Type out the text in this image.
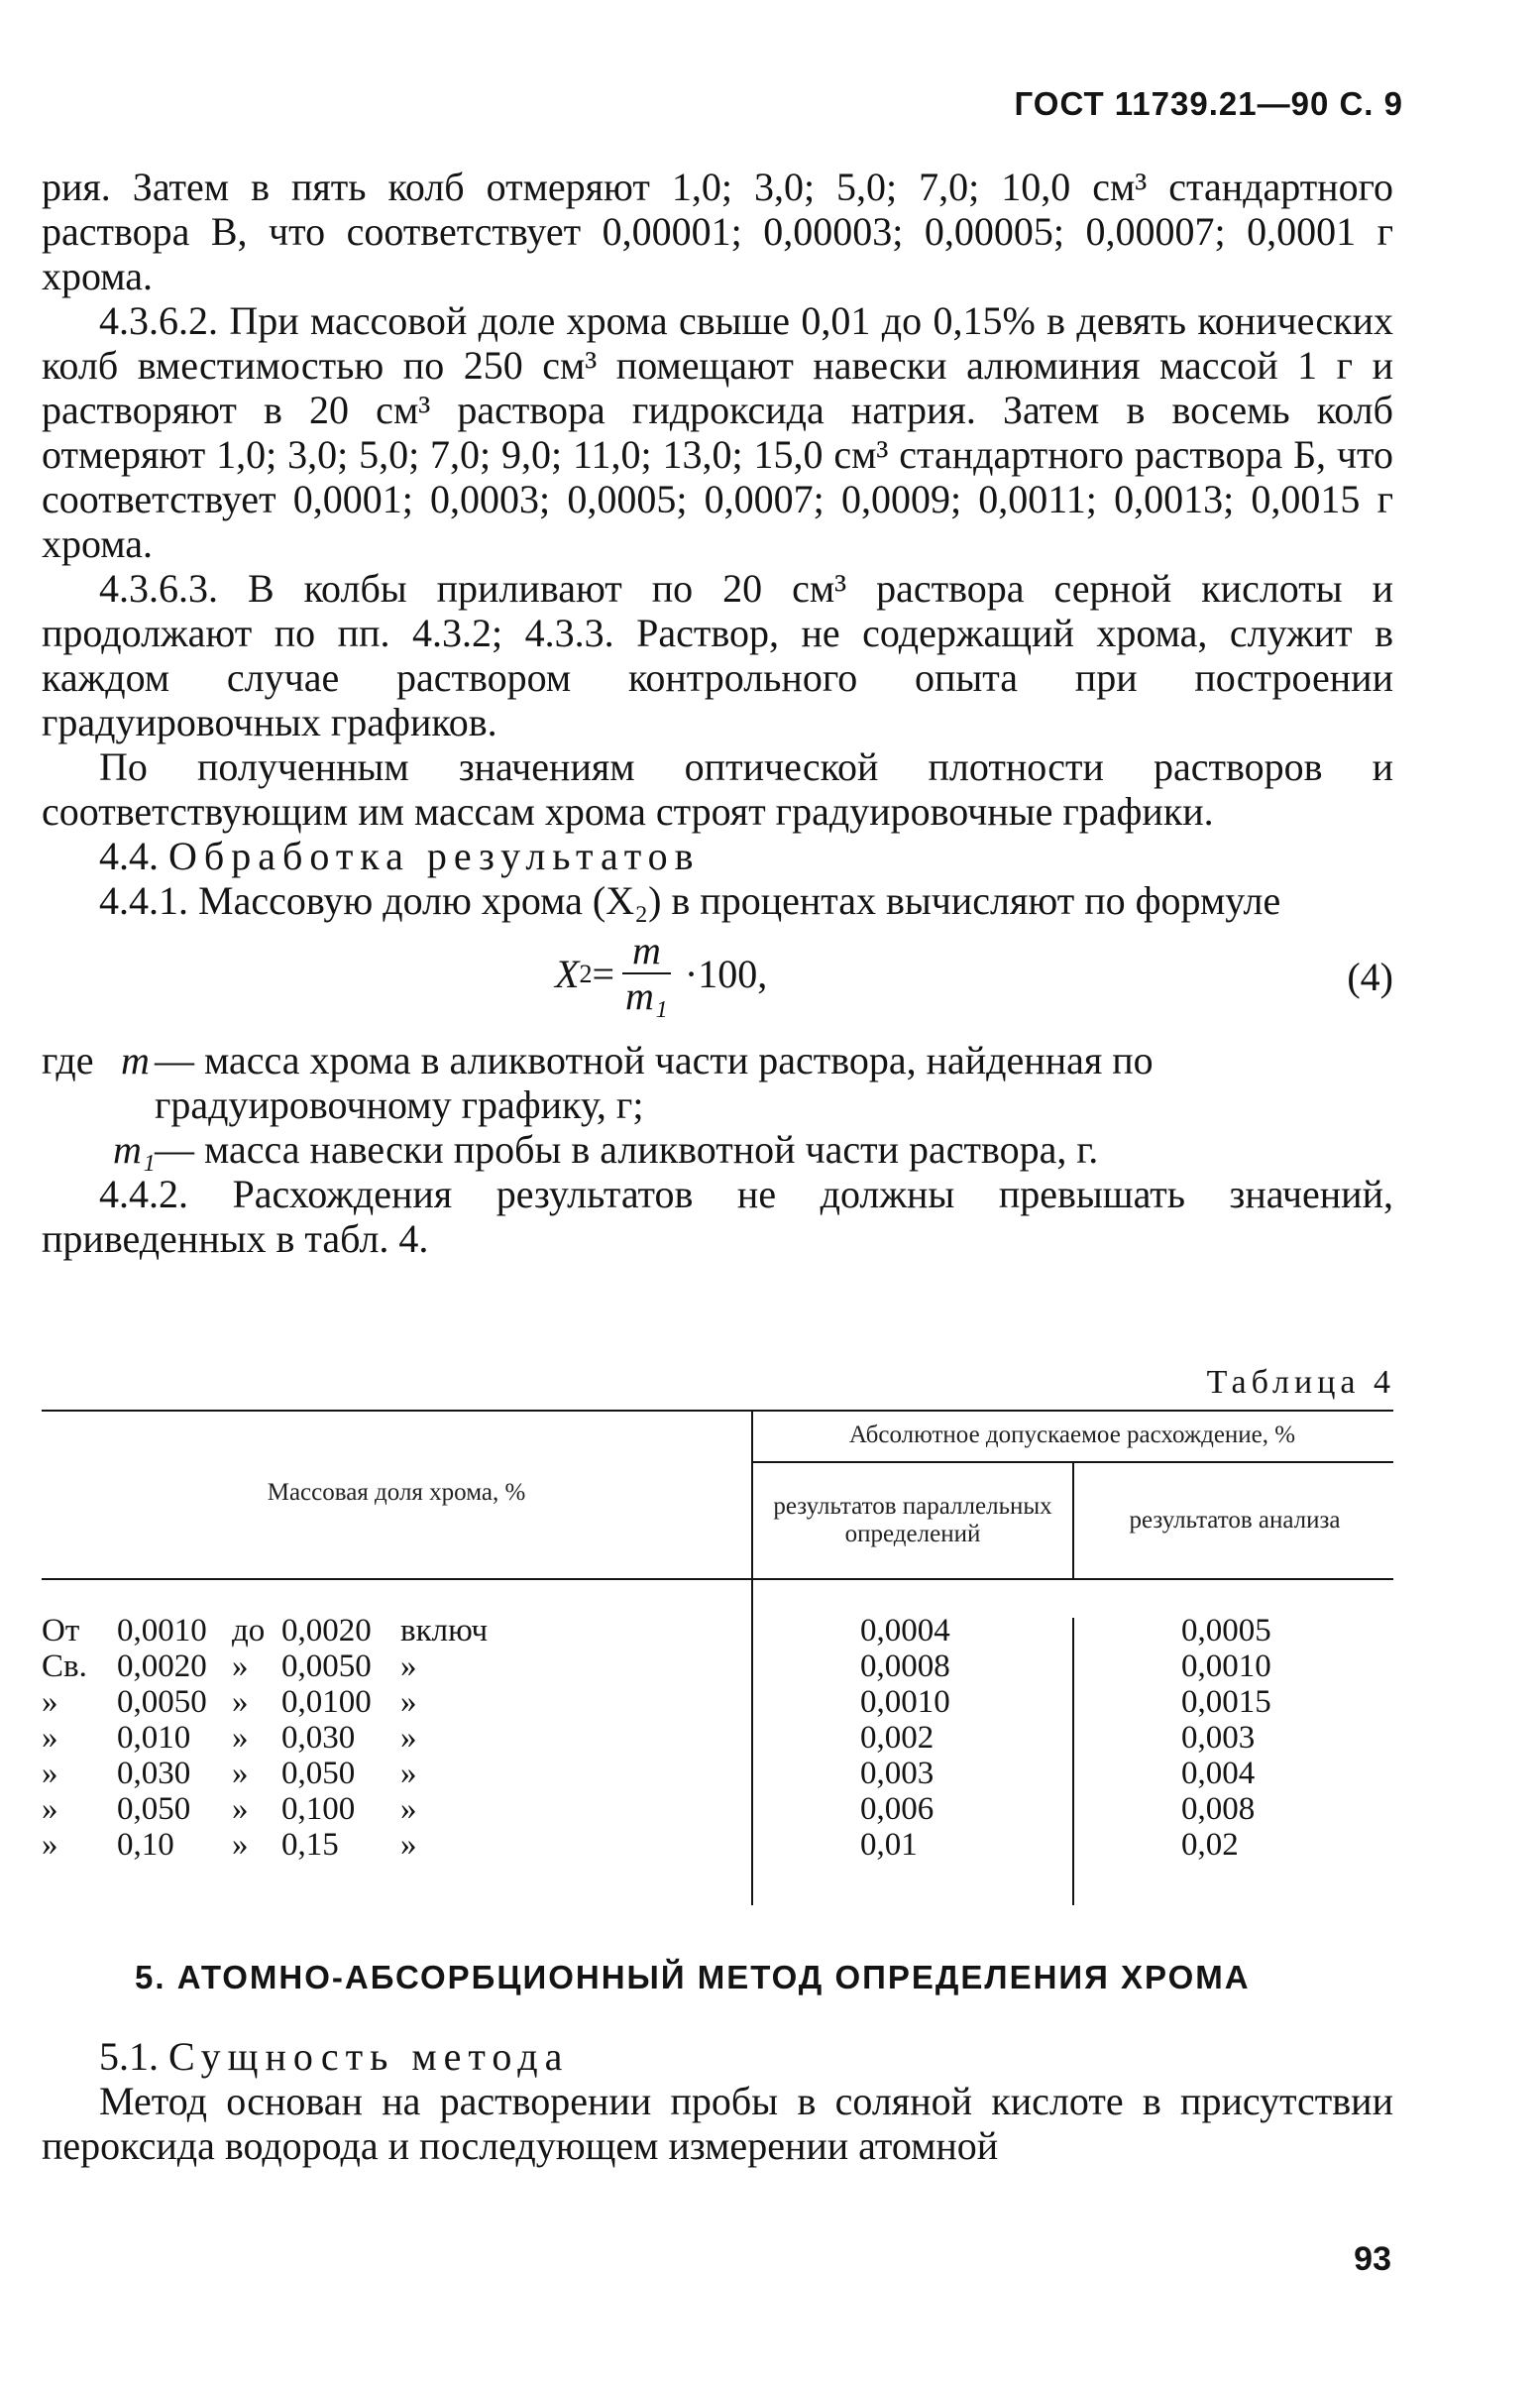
ГОСТ 11739.21—90 С. 9

рия. Затем в пять колб отмеряют 1,0; 3,0; 5,0; 7,0; 10,0 см³ стандартного раствора В, что соответствует 0,00001; 0,00003; 0,00005; 0,00007; 0,0001 г хрома.

4.3.6.2. При массовой доле хрома свыше 0,01 до 0,15% в девять конических колб вместимостью по 250 см³ помещают навески алюминия массой 1 г и растворяют в 20 см³ раствора гидроксида натрия. Затем в восемь колб отмеряют 1,0; 3,0; 5,0; 7,0; 9,0; 11,0; 13,0; 15,0 см³ стандартного раствора Б, что соответствует 0,0001; 0,0003; 0,0005; 0,0007; 0,0009; 0,0011; 0,0013; 0,0015 г хрома.

4.3.6.3. В колбы приливают по 20 см³ раствора серной кислоты и продолжают по пп. 4.3.2; 4.3.3. Раствор, не содержащий хрома, служит в каждом случае раствором контрольного опыта при построении градуировочных графиков.

По полученным значениям оптической плотности растворов и соответствующим им массам хрома строят градуировочные графики.

4.4. Обработка результатов

4.4.1. Массовую долю хрома (X₂) в процентах вычисляют по формуле

X $2 = \frac{m}{\text{m₁}} \cdot 100$,	(4)
где m — масса хрома в аликвотной части раствора, найденная по градуировочному графику, г;
m₁ — масса навески пробы в аликвотной части раствора, г.

4.4.2. Расхождения результатов не должны превышать значений, приведенных в табл. 4.

Таблица 4
Массовая доля хрома, %
Абсолютное допускаемое расхождение, %
результатов параллельных определений
результатов анализа
От 0,0010 до 0,0020 включ	0,0004	0,0005
Св. 0,0020 » 0,0050 »	0,0008	0,0010
» 0,0050 » 0,0100 »	0,0010	0,0015
» 0,010 » 0,030 »	0,002	0,003
» 0,030 » 0,050 »	0,003	0,004
» 0,050 » 0,100 »	0,006	0,008
» 0,10 » 0,15 »	0,01	0,02
5. АТОМНО-АБСОРБЦИОННЫЙ МЕТОД ОПРЕДЕЛЕНИЯ ХРОМА

5.1. Сущность метода

Метод основан на растворении пробы в соляной кислоте в присутствии пероксида водорода и последующем измерении атомной

93
